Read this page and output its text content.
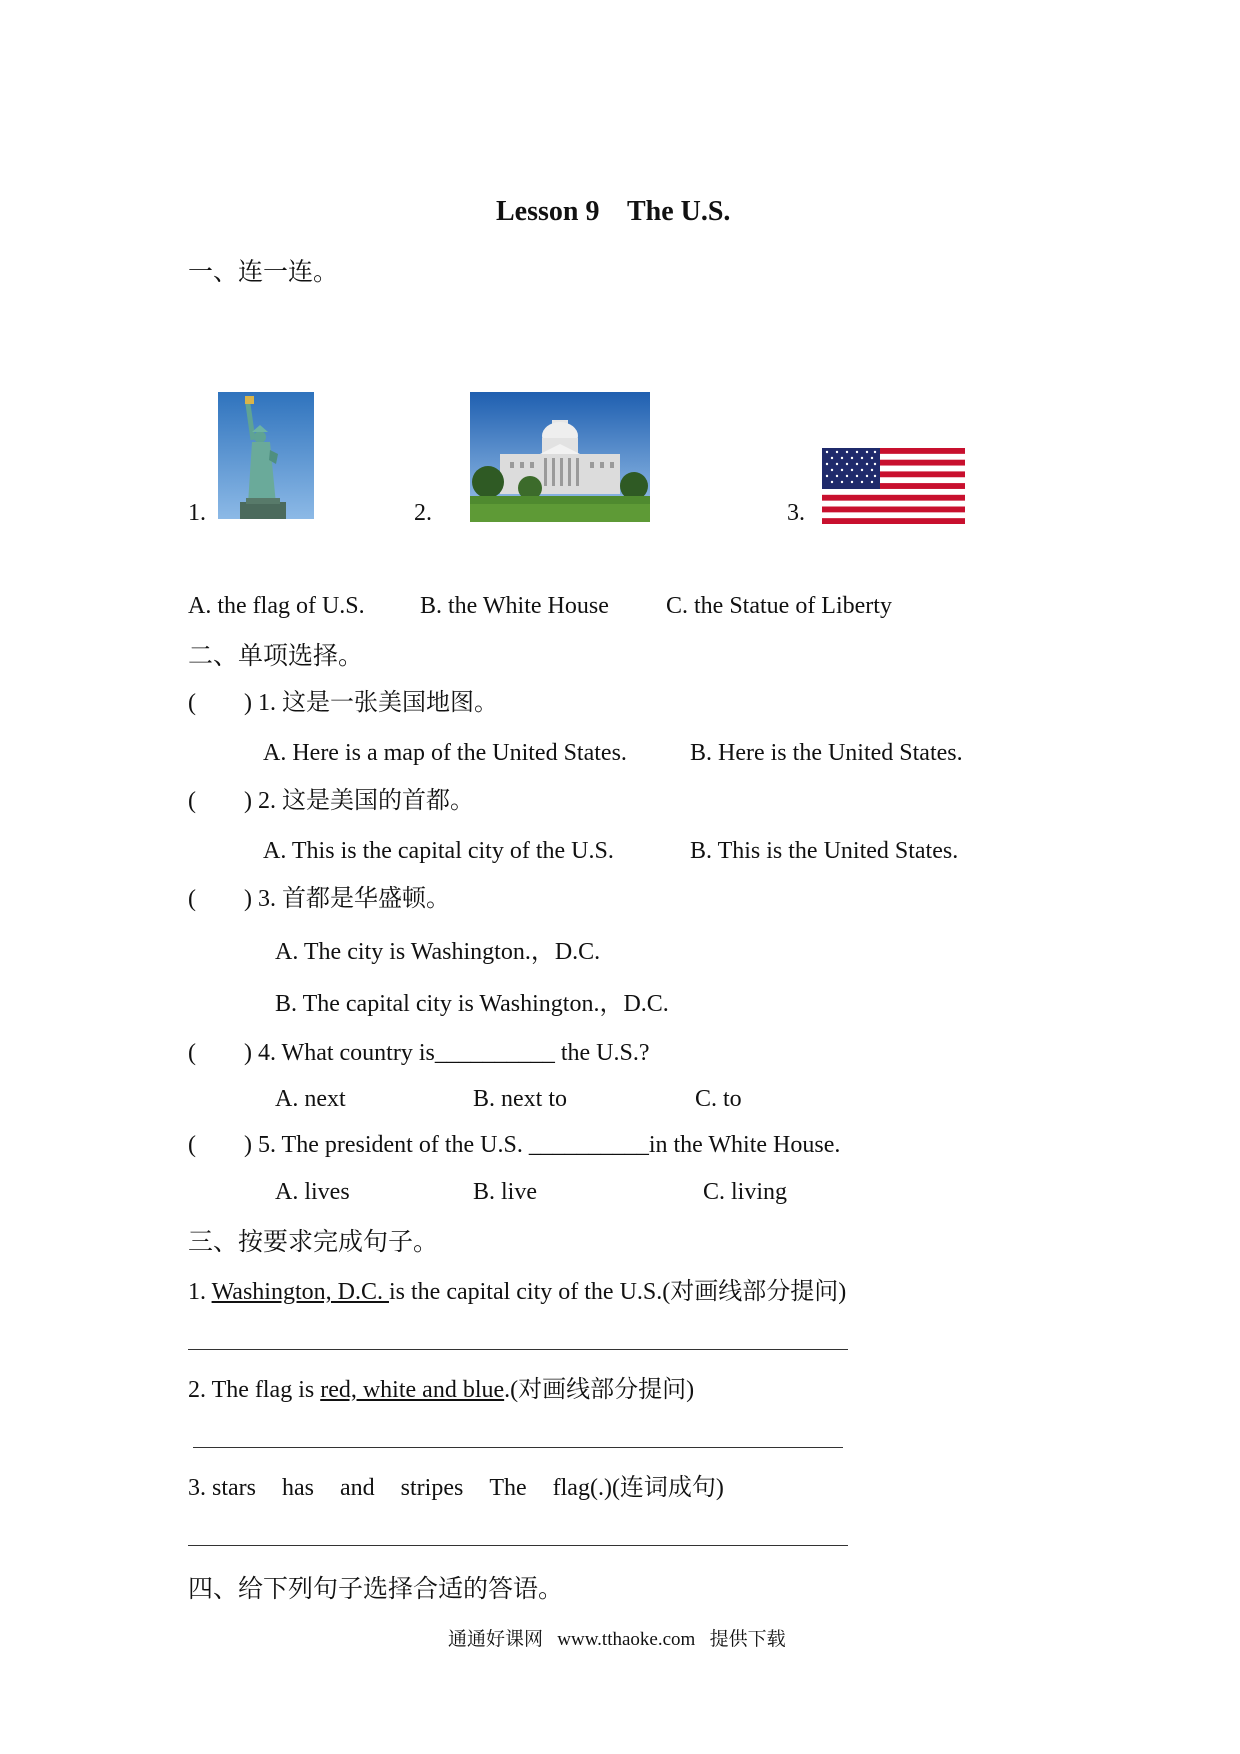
Lesson 9    The U.S.
一、连一连。
1.	2.	3.
A. the flag of U.S. B. the White House C. the Statue of Liberty
二、单项选择。
( ) 1. 这是一张美国地图。
A. Here is a map of the United States.	B. Here is the United States.
( ) 2. 这是美国的首都。
A. This is the capital city of the U.S.	B. This is the United States.
( ) 3. 首都是华盛顿。
A. The city is Washington.，D.C.
B. The capital city is Washington.，D.C.
( ) 4. What country is__________ the U.S.?
A. next	B. next to	C. to
( ) 5. The president of the U.S. __________in the White House.
A. lives	B. live	C. living
三、按要求完成句子。
1. Washington, D.C. is the capital city of the U.S.(对画线部分提问)
2. The flag is red, white and blue.(对画线部分提问)
3. stars has and stripes The flag(.)(连词成句)
四、给下列句子选择合适的答语。
通通好课网   www.tthaoke.com   提供下载
